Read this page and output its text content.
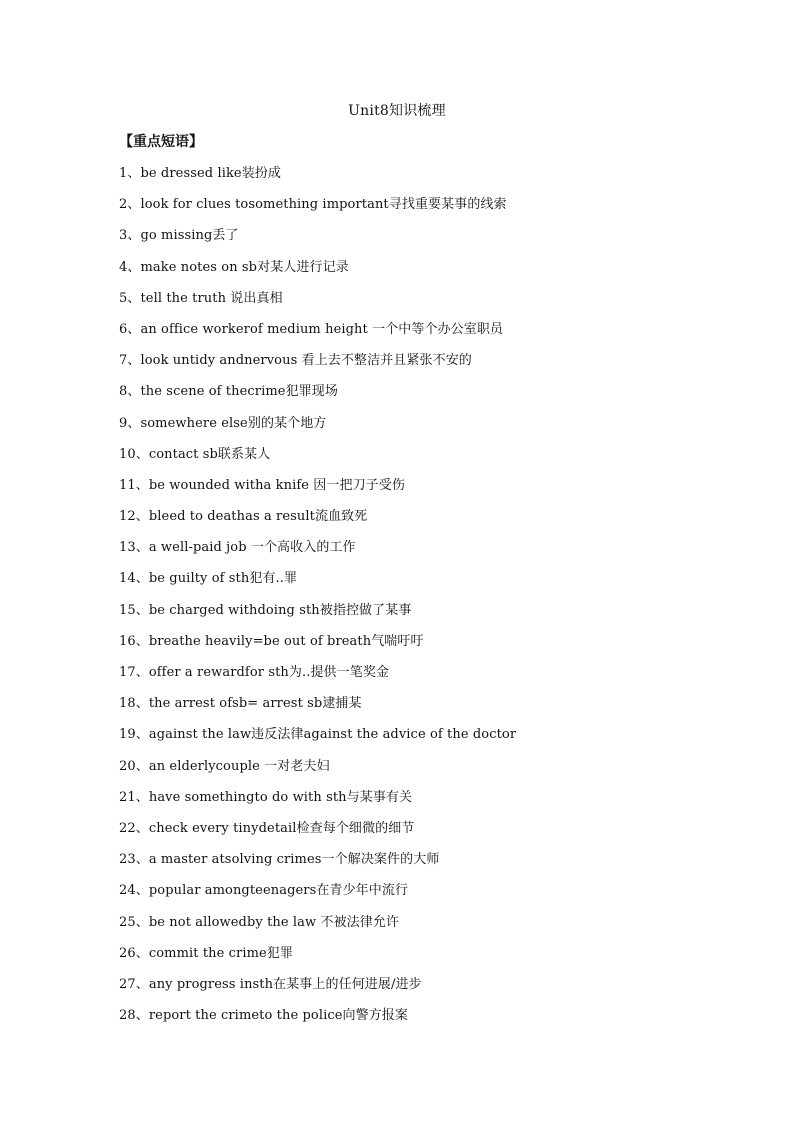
Unit8知识梳理
【重点短语】
1、be dressed like装扮成
2、look for clues tosomething important寻找重要某事的线索
3、go missing丢了
4、make notes on sb对某人进行记录
5、tell the truth 说出真相
6、an office workerof medium height 一个中等个办公室职员
7、look untidy andnervous 看上去不整洁并且紧张不安的
8、the scene of thecrime犯罪现场
9、somewhere else别的某个地方
10、contact sb联系某人
11、be wounded witha knife 因一把刀子受伤
12、bleed to deathas a result流血致死
13、a well-paid job 一个高收入的工作
14、be guilty of sth犯有..罪
15、be charged withdoing sth被指控做了某事
16、breathe heavily=be out of breath气喘吁吁
17、offer a rewardfor sth为..提供一笔奖金
18、the arrest ofsb= arrest sb逮捕某
19、against the law违反法律against the advice of the doctor
20、an elderlycouple 一对老夫妇
21、have somethingto do with sth与某事有关
22、check every tinydetail检查每个细微的细节
23、a master atsolving crimes一个解决案件的大师
24、popular amongteenagers在青少年中流行
25、be not allowedby the law 不被法律允许
26、commit the crime犯罪
27、any progress insth在某事上的任何进展/进步
28、report the crimeto the police向警方报案
